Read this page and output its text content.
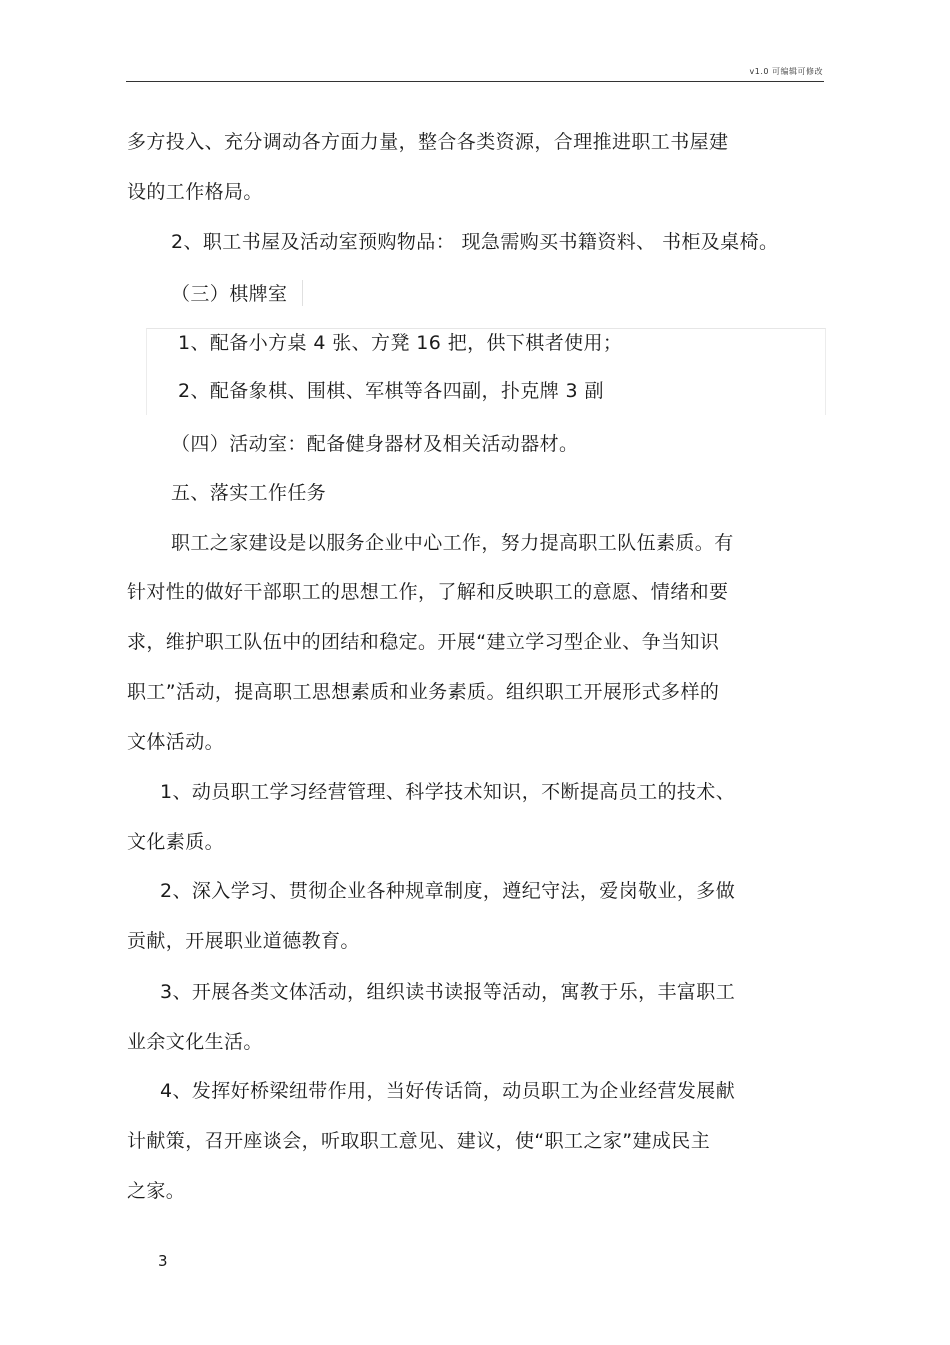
v1.0 可编辑可修改
多方投入、充分调动各方面力量，整合各类资源，合理推进职工书屋建
设的工作格局。
2、职工书屋及活动室预购物品： 现急需购买书籍资料、 书柜及桌椅。
（三）棋牌室
1、配备小方桌 4 张、方凳 16 把，供下棋者使用；
2、配备象棋、围棋、军棋等各四副，扑克牌 3 副
（四）活动室：配备健身器材及相关活动器材。
五、落实工作任务
职工之家建设是以服务企业中心工作，努力提高职工队伍素质。有
针对性的做好干部职工的思想工作，了解和反映职工的意愿、情绪和要
求，维护职工队伍中的团结和稳定。开展“建立学习型企业、争当知识
职工”活动，提高职工思想素质和业务素质。组织职工开展形式多样的
文体活动。
1、动员职工学习经营管理、科学技术知识，不断提高员工的技术、
文化素质。
2、深入学习、贯彻企业各种规章制度，遵纪守法，爱岗敬业，多做
贡献，开展职业道德教育。
3、开展各类文体活动，组织读书读报等活动，寓教于乐，丰富职工
业余文化生活。
4、发挥好桥梁纽带作用，当好传话筒，动员职工为企业经营发展献
计献策，召开座谈会，听取职工意见、建议，使“职工之家”建成民主
之家。
3
